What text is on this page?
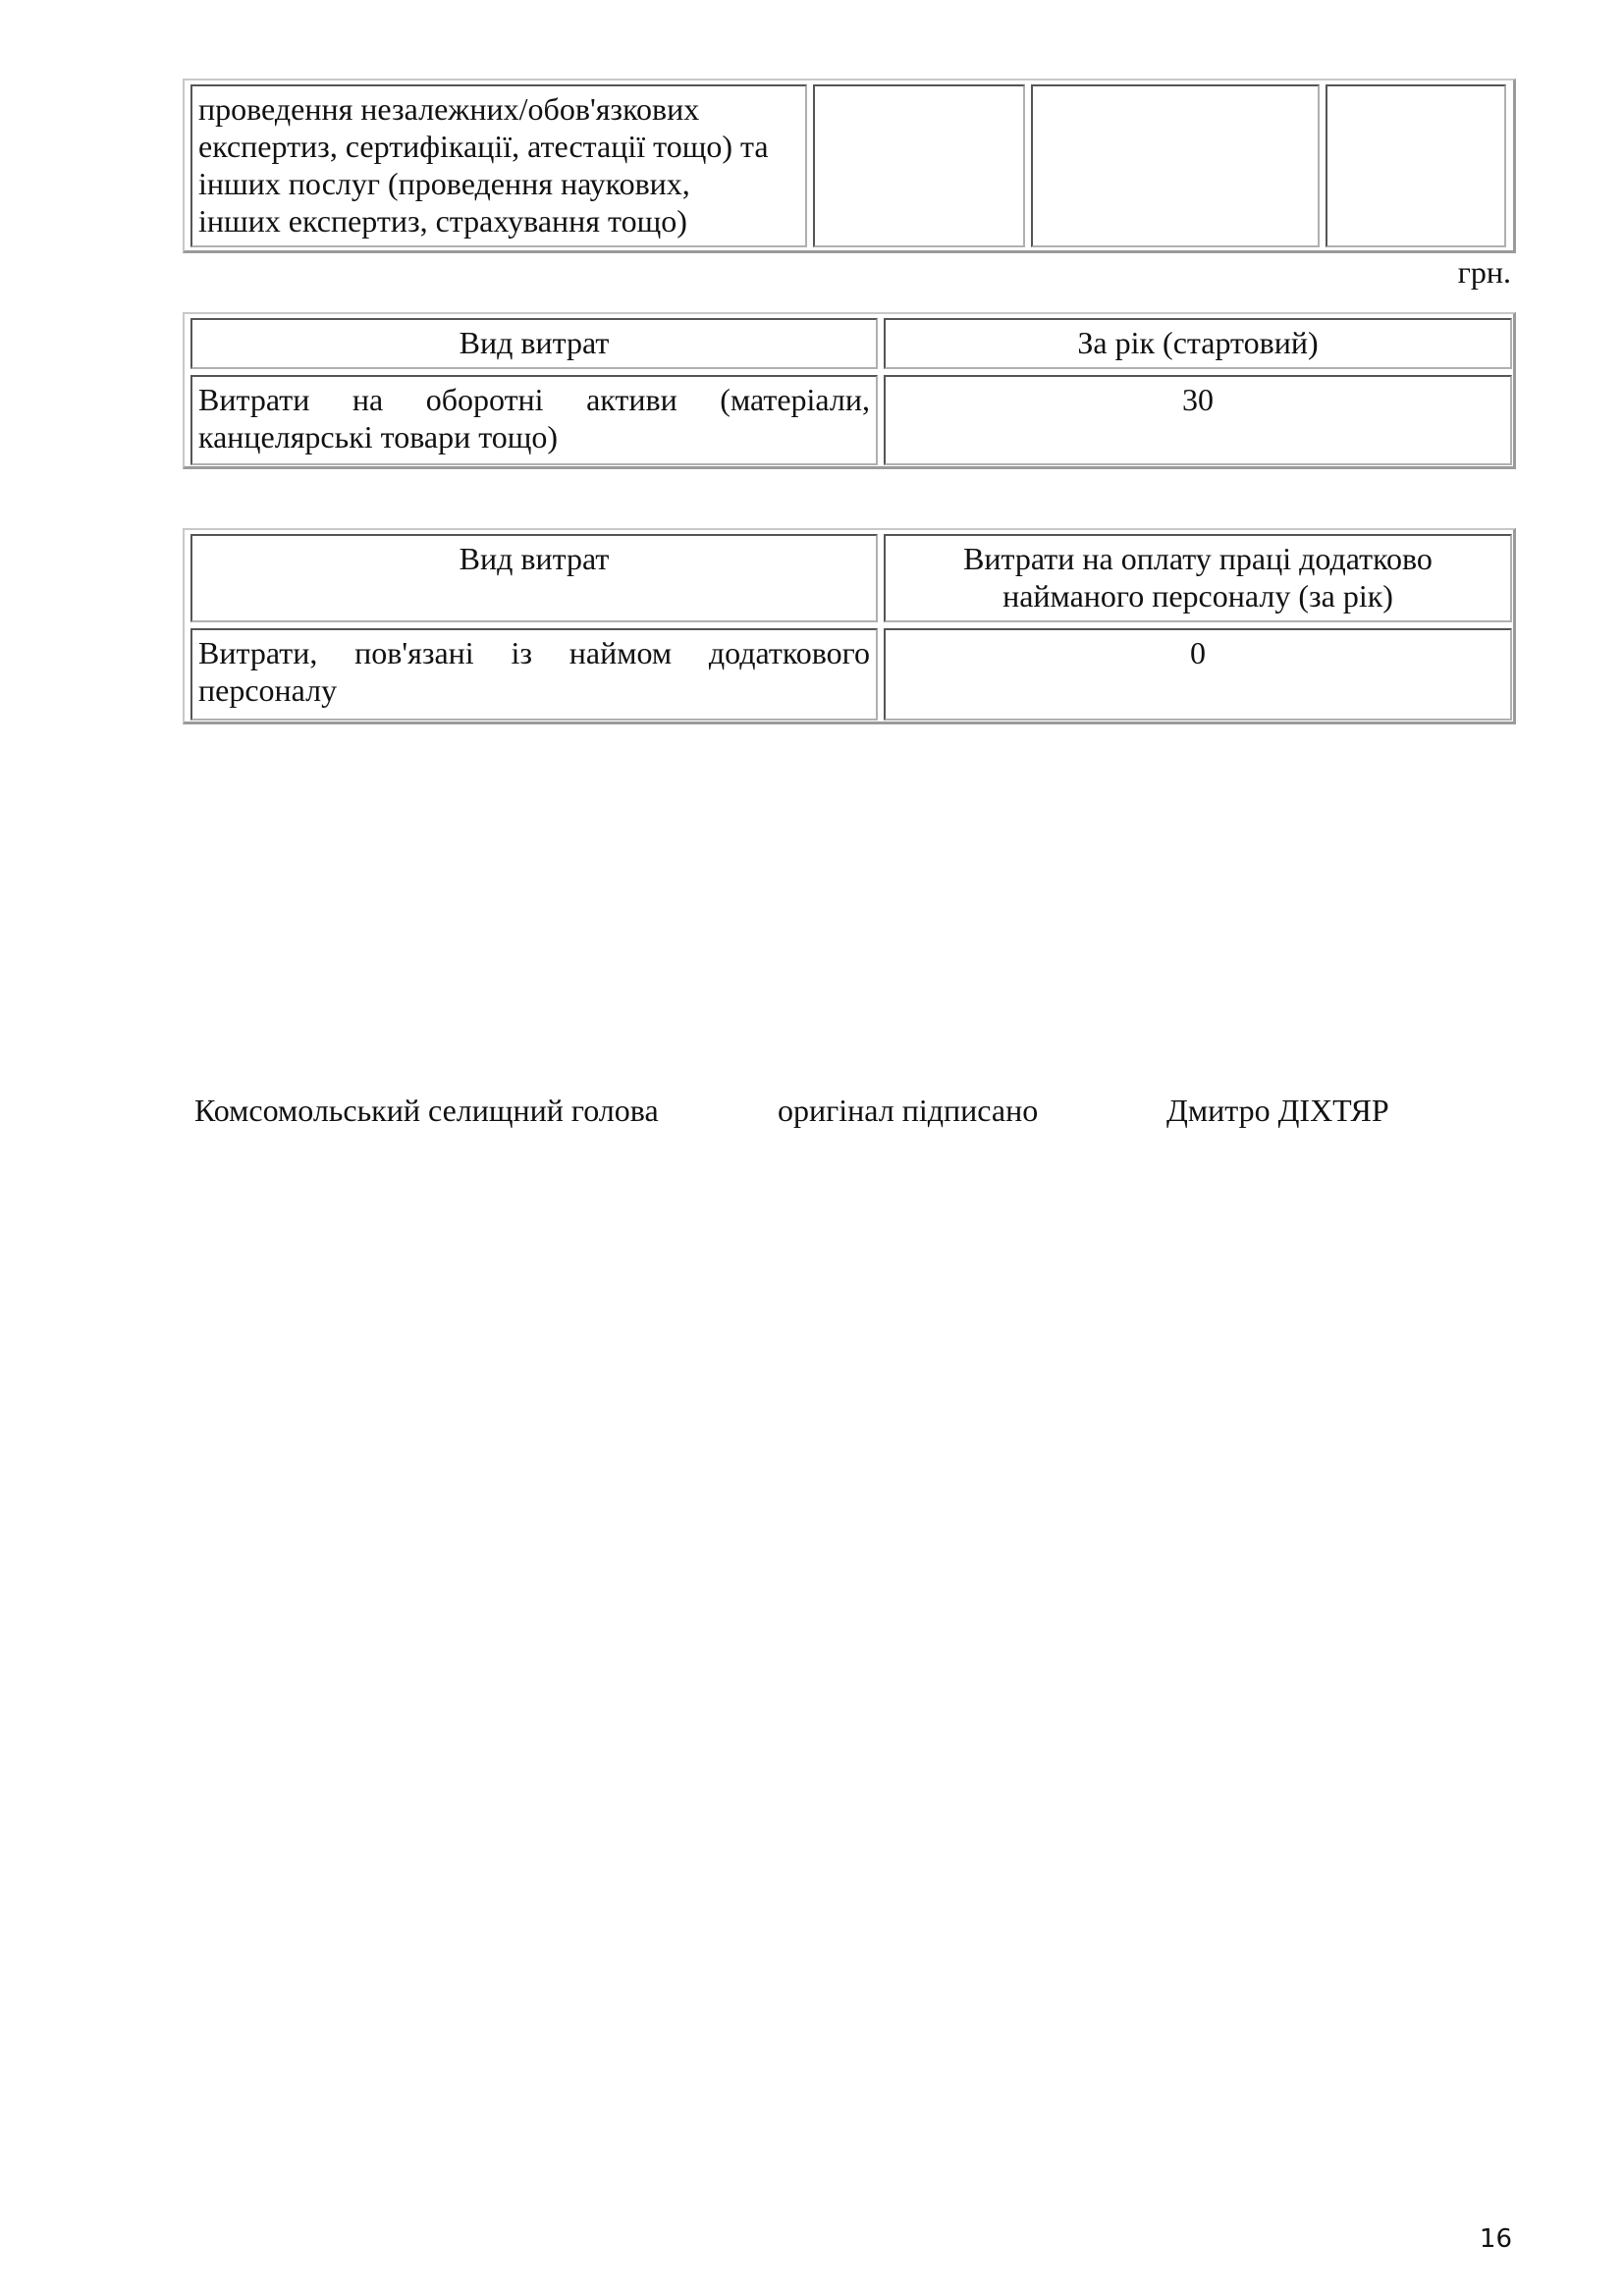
проведення незалежних/обов'язкових
експертиз, сертифікації, атестації тощо) та
інших послуг (проведення наукових,
інших експертиз, страхування тощо)
грн.
Вид витрат	За рік (стартовий)
Витрати на оборотні активи (матеріали,
канцелярські товари тощо)
30
Вид витрат	Витрати на оплату праці додатково
найманого персоналу (за рік)
Витрати, пов'язані із наймом додаткового
персоналу
0
Комсомольський селищний голова	оригінал підписано	Дмитро ДІХТЯР
16
